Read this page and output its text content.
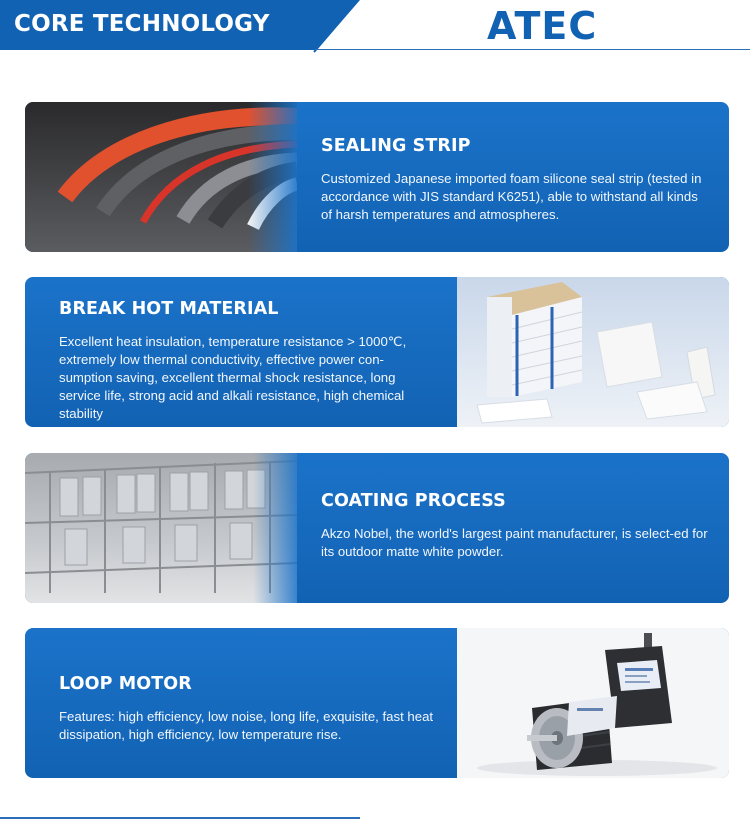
CORE TECHNOLOGY	ATEC
SEALING STRIP

Customized Japanese imported foam silicone seal strip (tested in accordance with JIS standard K6251), able to withstand all kinds of harsh temperatures and atmospheres.

BREAK HOT MATERIAL

Excellent heat insulation, temperature resistance > 1000℃, extremely low thermal conductivity, effective power con-sumption saving, excellent thermal shock resistance, long service life, strong acid and alkali resistance, high chemical stability

COATING PROCESS

Akzo Nobel, the world's largest paint manufacturer, is select-ed for its outdoor matte white powder.

LOOP MOTOR

Features: high efficiency, low noise, long life, exquisite, fast heat dissipation, high efficiency, low temperature rise.
